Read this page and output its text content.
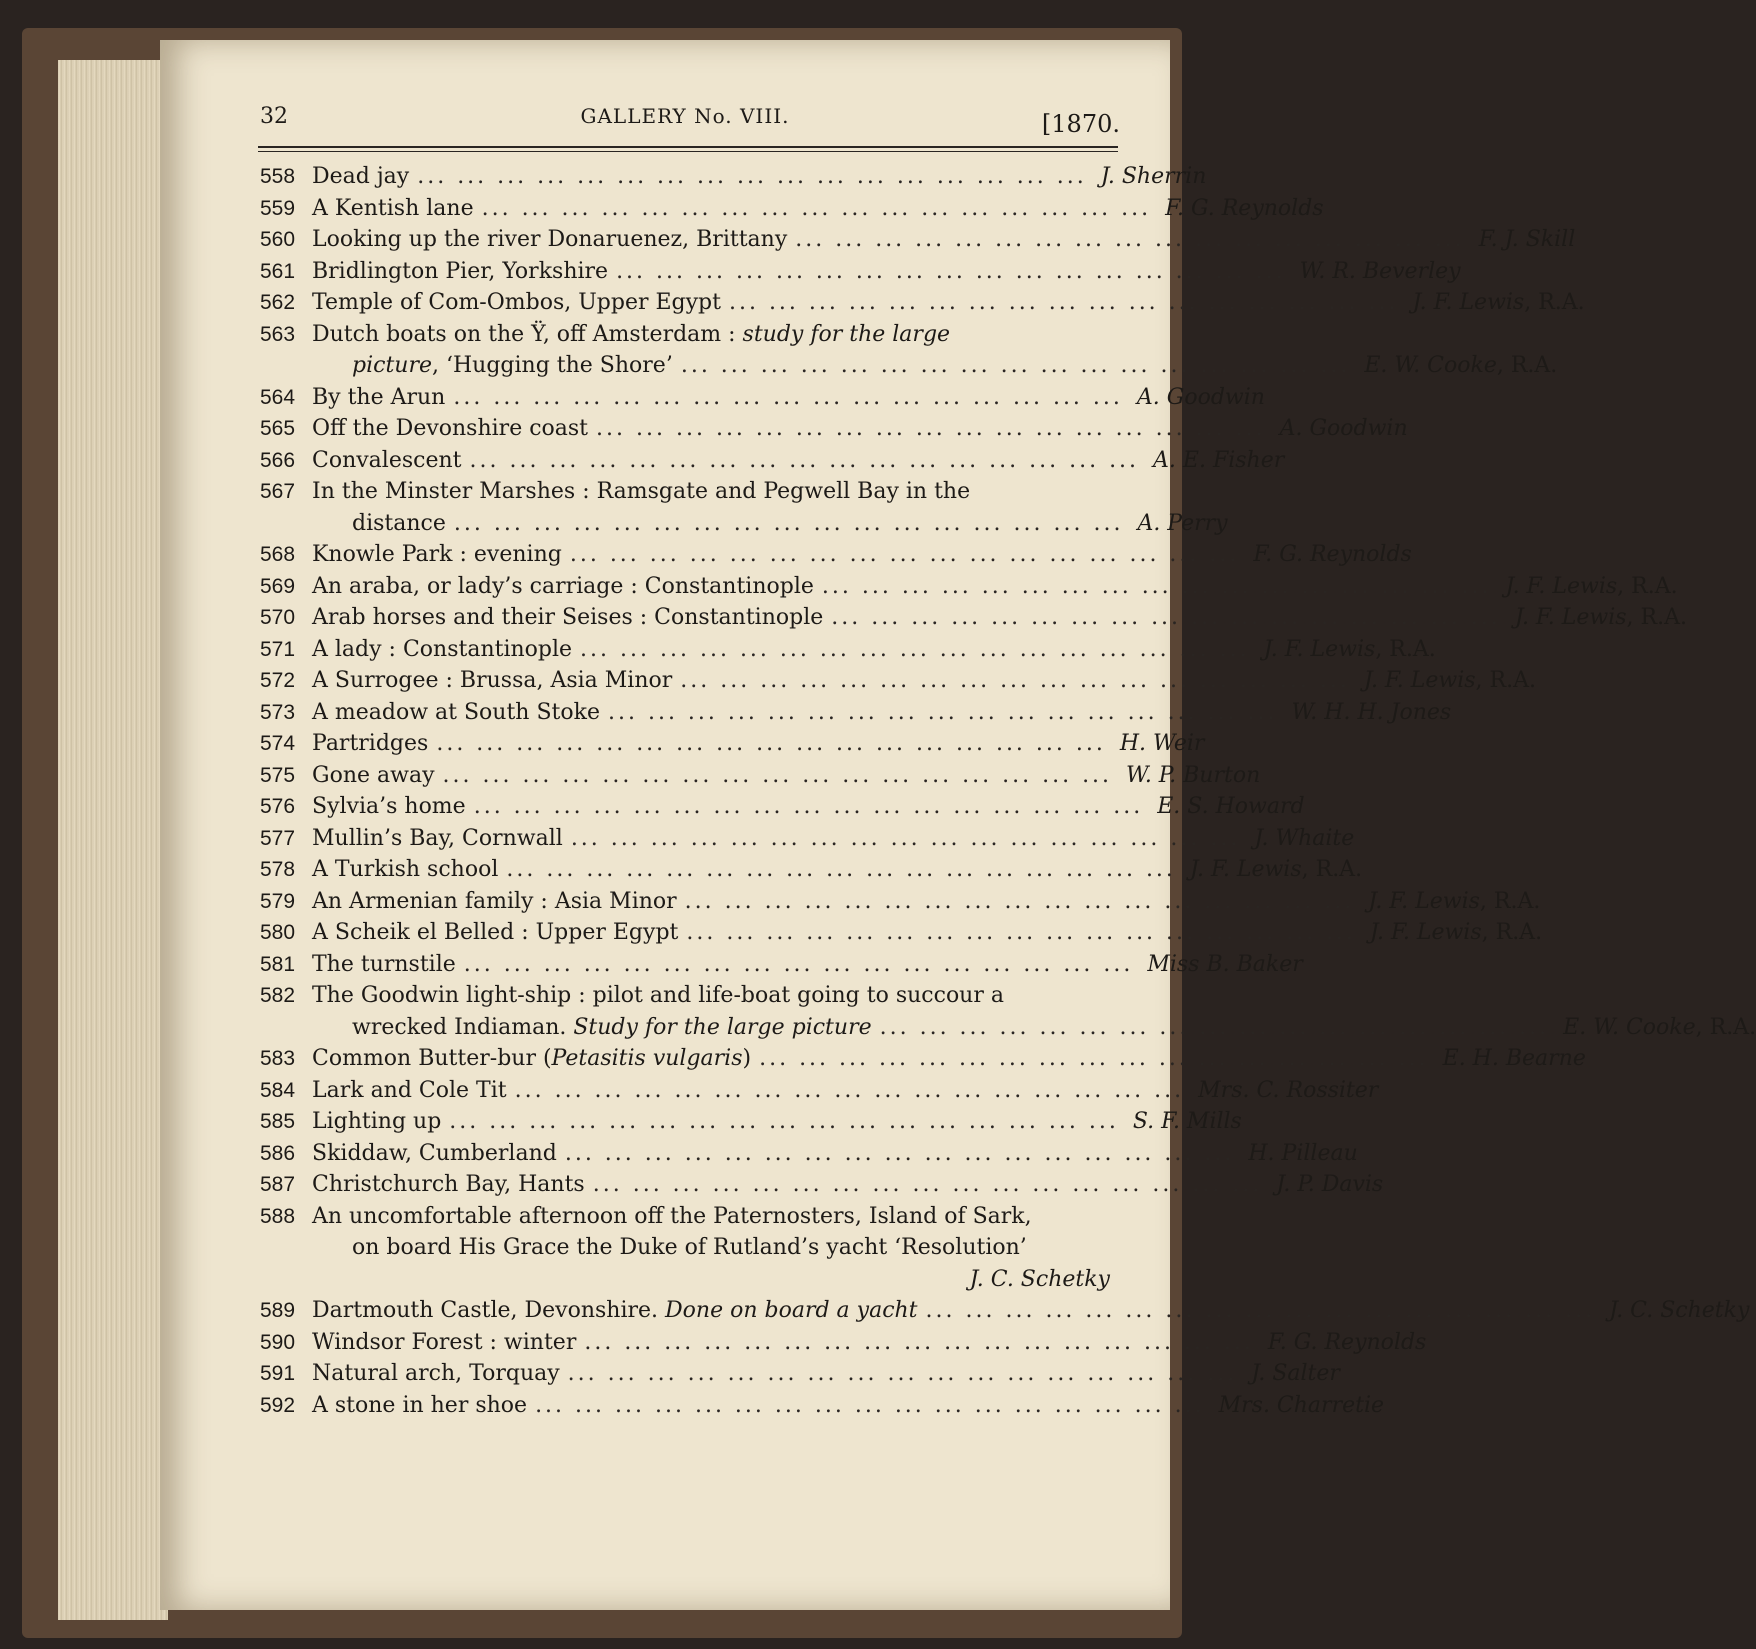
32	GALLERY No. VIII.	[1870.
558 Dead jay ... ... ... ... ... ... ... ... ... ... ... ... ... ... ... ... ... J. Sherrin
559 A Kentish lane ... ... ... ... ... ... ... ... ... ... ... ... ... ... ... ... ... F. G. Reynolds
560 Looking up the river Donaruenez, Brittany ... ... ... ... ... ... ... ... ... ... ... ... ... ... ... ... ... F. J. Skill
561 Bridlington Pier, Yorkshire ... ... ... ... ... ... ... ... ... ... ... ... ... ... ... ... ... W. R. Beverley
562 Temple of Com-Ombos, Upper Egypt ... ... ... ... ... ... ... ... ... ... ... ... ... ... ... ... ... J. F. Lewis, R.A.
563 Dutch boats on the Ÿ, off Amsterdam : study for the large
picture, ‘Hugging the Shore’ ... ... ... ... ... ... ... ... ... ... ... ... ... ... ... ... ... E. W. Cooke, R.A.
564 By the Arun ... ... ... ... ... ... ... ... ... ... ... ... ... ... ... ... ... A. Goodwin
565 Off the Devonshire coast ... ... ... ... ... ... ... ... ... ... ... ... ... ... ... ... ... A. Goodwin
566 Convalescent ... ... ... ... ... ... ... ... ... ... ... ... ... ... ... ... ... A. E. Fisher
567 In the Minster Marshes : Ramsgate and Pegwell Bay in the
distance ... ... ... ... ... ... ... ... ... ... ... ... ... ... ... ... ... A. Perry
568 Knowle Park : evening ... ... ... ... ... ... ... ... ... ... ... ... ... ... ... ... ... F. G. Reynolds
569 An araba, or lady’s carriage : Constantinople ... ... ... ... ... ... ... ... ... ... ... ... ... ... ... ... ... J. F. Lewis, R.A.
570 Arab horses and their Seises : Constantinople ... ... ... ... ... ... ... ... ... ... ... ... ... ... ... ... ... J. F. Lewis, R.A.
571 A lady : Constantinople ... ... ... ... ... ... ... ... ... ... ... ... ... ... ... ... ... J. F. Lewis, R.A.
572 A Surrogee : Brussa, Asia Minor ... ... ... ... ... ... ... ... ... ... ... ... ... ... ... ... ... J. F. Lewis, R.A.
573 A meadow at South Stoke ... ... ... ... ... ... ... ... ... ... ... ... ... ... ... ... ... W. H. H. Jones
574 Partridges ... ... ... ... ... ... ... ... ... ... ... ... ... ... ... ... ... H. Weir
575 Gone away ... ... ... ... ... ... ... ... ... ... ... ... ... ... ... ... ... W. P. Burton
576 Sylvia’s home ... ... ... ... ... ... ... ... ... ... ... ... ... ... ... ... ... E. S. Howard
577 Mullin’s Bay, Cornwall ... ... ... ... ... ... ... ... ... ... ... ... ... ... ... ... ... J. Whaite
578 A Turkish school ... ... ... ... ... ... ... ... ... ... ... ... ... ... ... ... ... J. F. Lewis, R.A.
579 An Armenian family : Asia Minor ... ... ... ... ... ... ... ... ... ... ... ... ... ... ... ... ... J. F. Lewis, R.A.
580 A Scheik el Belled : Upper Egypt ... ... ... ... ... ... ... ... ... ... ... ... ... ... ... ... ... J. F. Lewis, R.A.
581 The turnstile ... ... ... ... ... ... ... ... ... ... ... ... ... ... ... ... ... Miss B. Baker
582 The Goodwin light-ship : pilot and life-boat going to succour a
wrecked Indiaman. Study for the large picture ... ... ... ... ... ... ... ... ... ... ... ... ... ... ... ... ... E. W. Cooke, R.A.
583 Common Butter-bur (Petasitis vulgaris) ... ... ... ... ... ... ... ... ... ... ... ... ... ... ... ... ... E. H. Bearne
584 Lark and Cole Tit ... ... ... ... ... ... ... ... ... ... ... ... ... ... ... ... ... Mrs. C. Rossiter
585 Lighting up ... ... ... ... ... ... ... ... ... ... ... ... ... ... ... ... ... S. F. Mills
586 Skiddaw, Cumberland ... ... ... ... ... ... ... ... ... ... ... ... ... ... ... ... ... H. Pilleau
587 Christchurch Bay, Hants ... ... ... ... ... ... ... ... ... ... ... ... ... ... ... ... ... J. P. Davis
588 An uncomfortable afternoon off the Paternosters, Island of Sark,
on board His Grace the Duke of Rutland’s yacht ‘Resolution’
J. C. Schetky
589 Dartmouth Castle, Devonshire. Done on board a yacht ... ... ... ... ... ... ... ... ... ... ... ... ... ... ... ... ... J. C. Schetky
590 Windsor Forest : winter ... ... ... ... ... ... ... ... ... ... ... ... ... ... ... ... ... F. G. Reynolds
591 Natural arch, Torquay ... ... ... ... ... ... ... ... ... ... ... ... ... ... ... ... ... J. Salter
592 A stone in her shoe ... ... ... ... ... ... ... ... ... ... ... ... ... ... ... ... ... Mrs. Charretie
